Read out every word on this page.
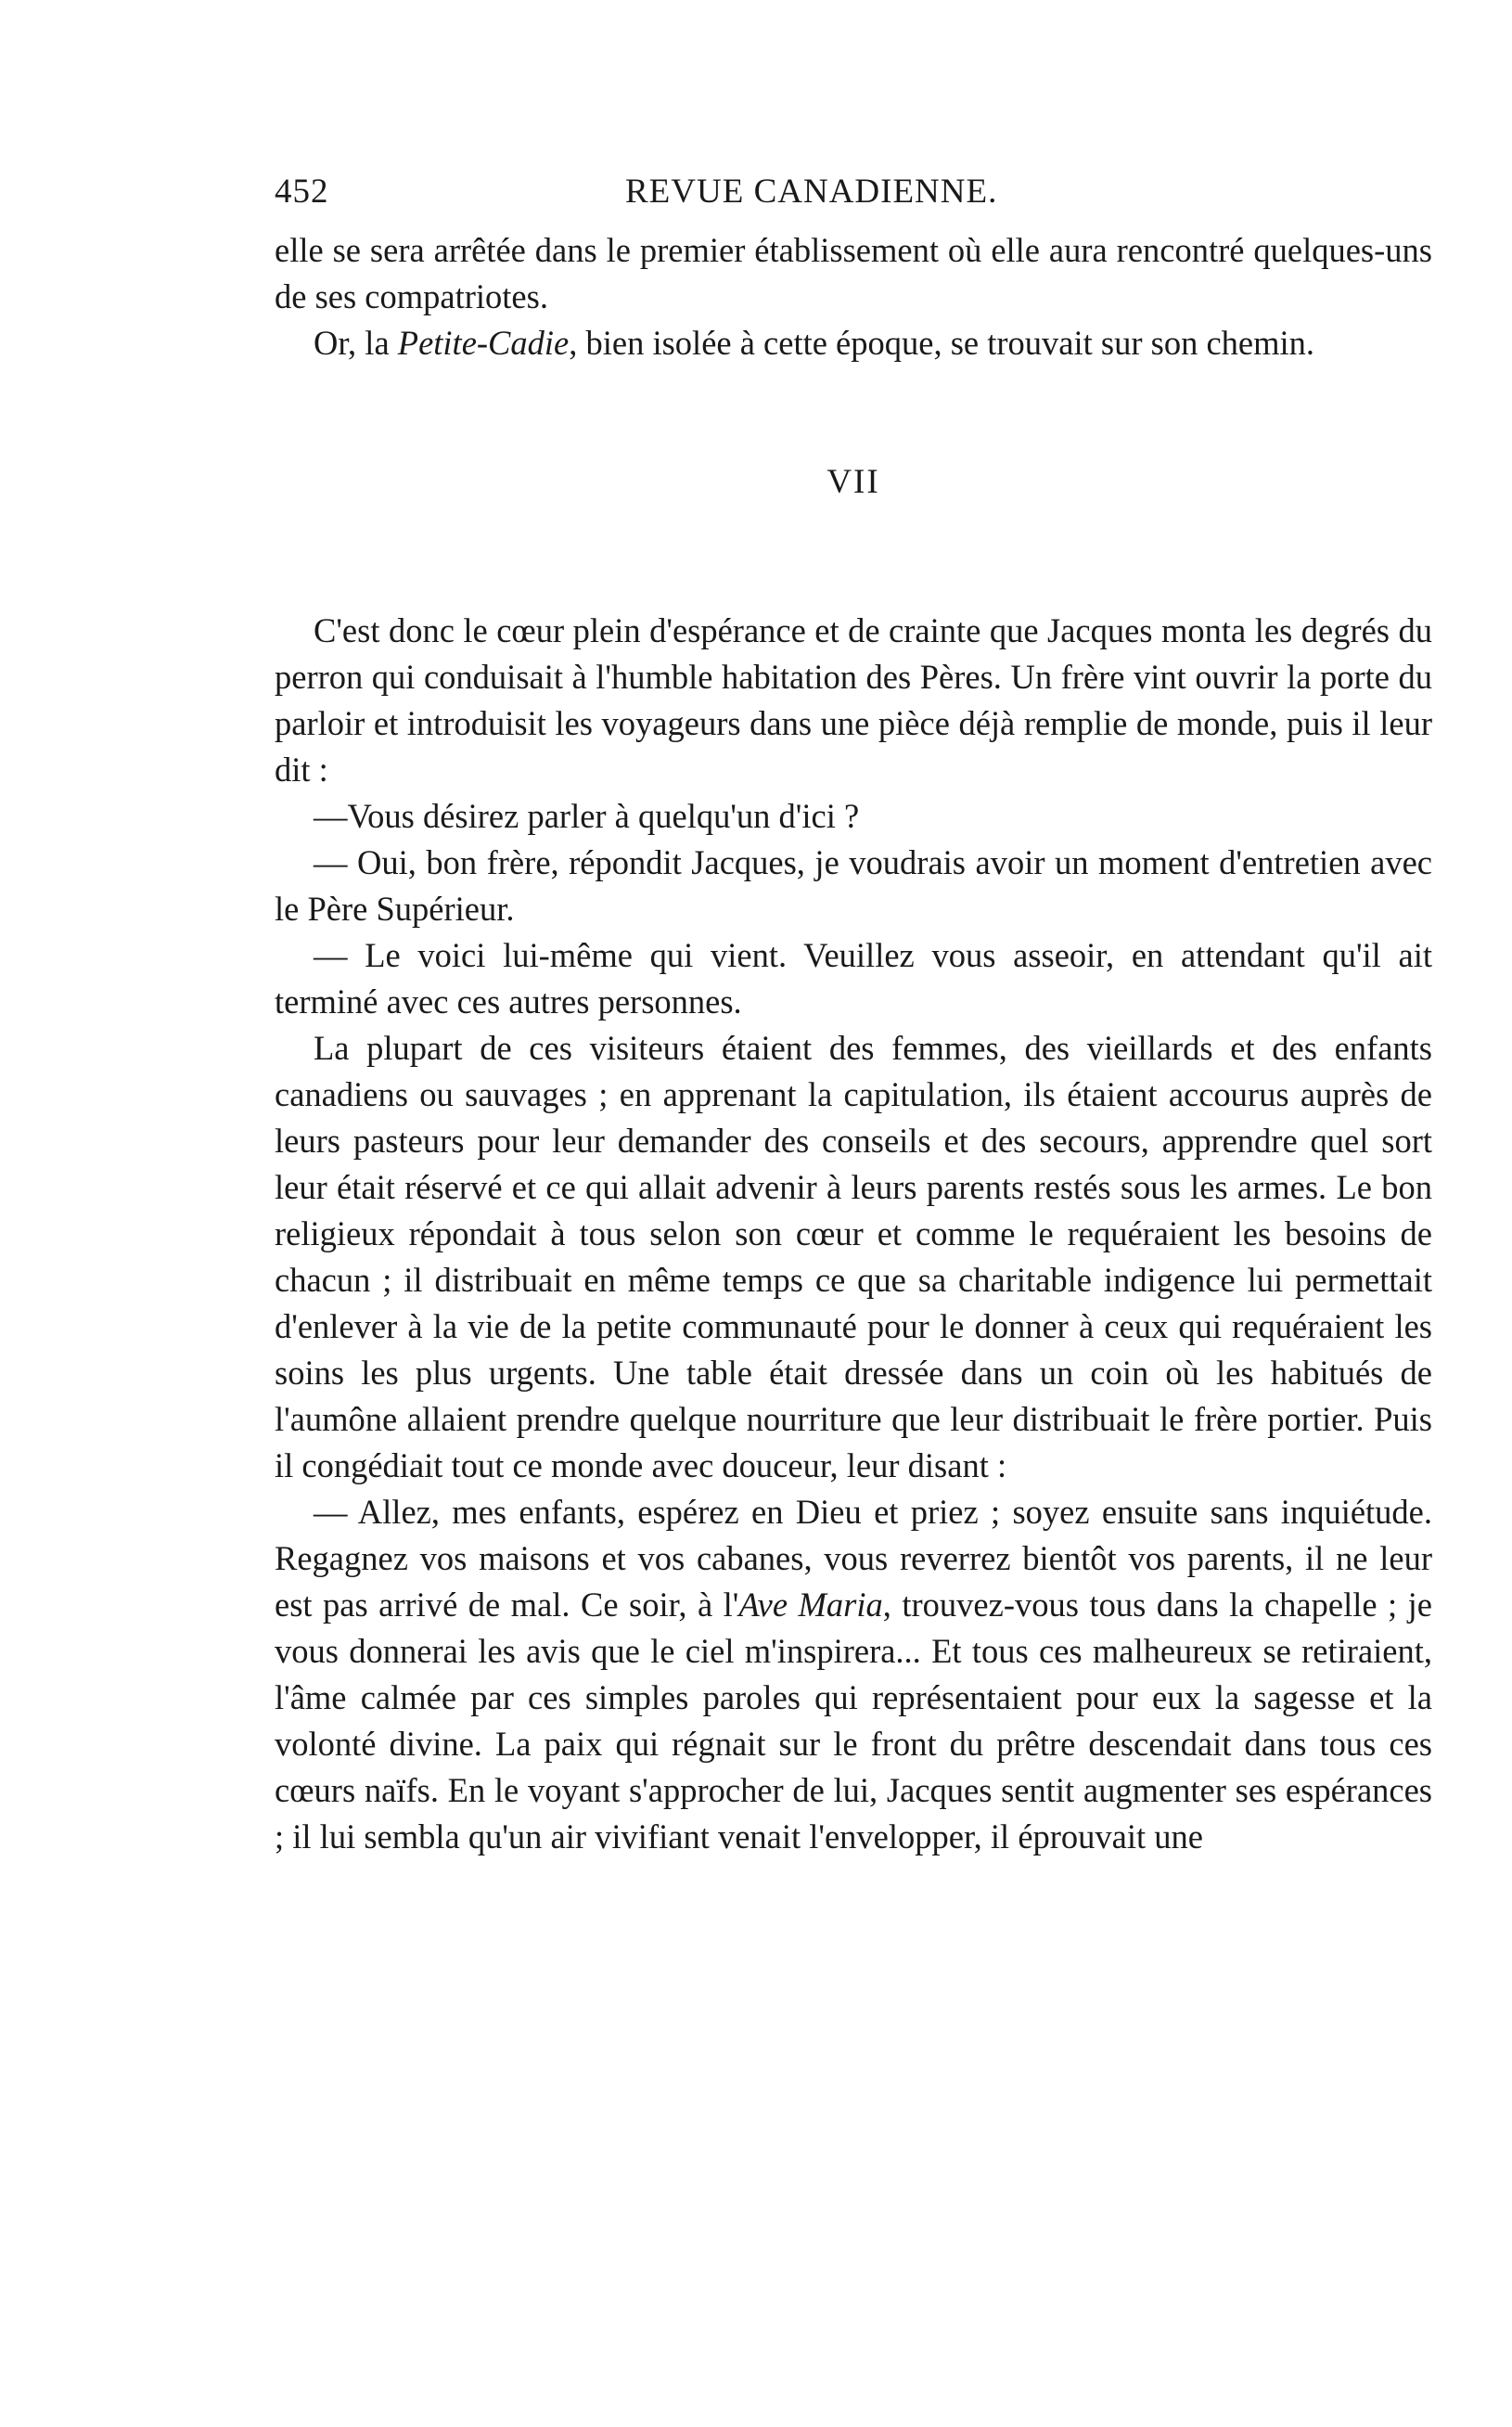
452	REVUE CANADIENNE.

elle se sera arrêtée dans le premier établissement où elle aura rencontré quelques-uns de ses compatriotes.

Or, la Petite-Cadie, bien isolée à cette époque, se trouvait sur son chemin.

VII

C'est donc le cœur plein d'espérance et de crainte que Jacques monta les degrés du perron qui conduisait à l'humble habitation des Pères. Un frère vint ouvrir la porte du parloir et introduisit les voyageurs dans une pièce déjà remplie de monde, puis il leur dit :

—Vous désirez parler à quelqu'un d'ici ?

— Oui, bon frère, répondit Jacques, je voudrais avoir un moment d'entretien avec le Père Supérieur.

— Le voici lui-même qui vient. Veuillez vous asseoir, en attendant qu'il ait terminé avec ces autres personnes.

La plupart de ces visiteurs étaient des femmes, des vieillards et des enfants canadiens ou sauvages ; en apprenant la capitulation, ils étaient accourus auprès de leurs pasteurs pour leur demander des conseils et des secours, apprendre quel sort leur était réservé et ce qui allait advenir à leurs parents restés sous les armes. Le bon religieux répondait à tous selon son cœur et comme le requéraient les besoins de chacun ; il distribuait en même temps ce que sa charitable indigence lui permettait d'enlever à la vie de la petite communauté pour le donner à ceux qui requéraient les soins les plus urgents. Une table était dressée dans un coin où les habitués de l'aumône allaient prendre quelque nourriture que leur distribuait le frère portier. Puis il congédiait tout ce monde avec douceur, leur disant :

— Allez, mes enfants, espérez en Dieu et priez ; soyez ensuite sans inquiétude. Regagnez vos maisons et vos cabanes, vous reverrez bientôt vos parents, il ne leur est pas arrivé de mal. Ce soir, à l'Ave Maria, trouvez-vous tous dans la chapelle ; je vous donnerai les avis que le ciel m'inspirera... Et tous ces malheureux se retiraient, l'âme calmée par ces simples paroles qui représentaient pour eux la sagesse et la volonté divine. La paix qui régnait sur le front du prêtre descendait dans tous ces cœurs naïfs. En le voyant s'approcher de lui, Jacques sentit augmenter ses espérances ; il lui sembla qu'un air vivifiant venait l'envelopper, il éprouvait une
